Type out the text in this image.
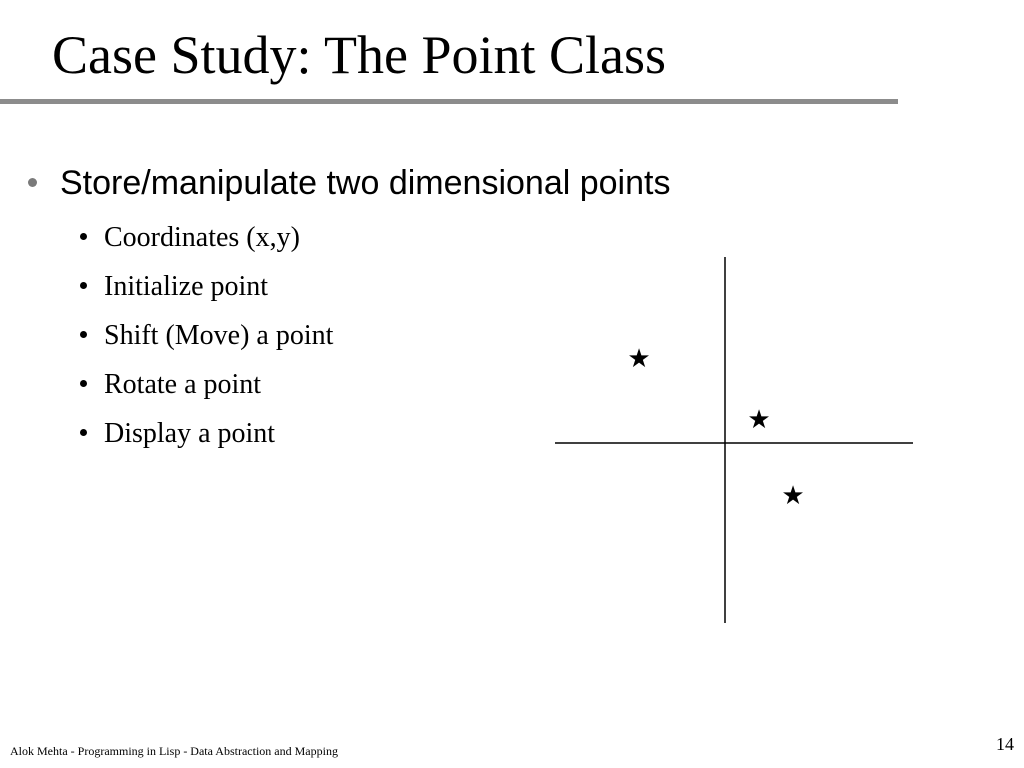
Case Study: The Point Class
Store/manipulate two dimensional points
Coordinates (x,y)
Initialize point
Shift (Move) a point
Rotate a point
Display a point
★
★
★
Alok Mehta - Programming in Lisp - Data Abstraction and Mapping	14
